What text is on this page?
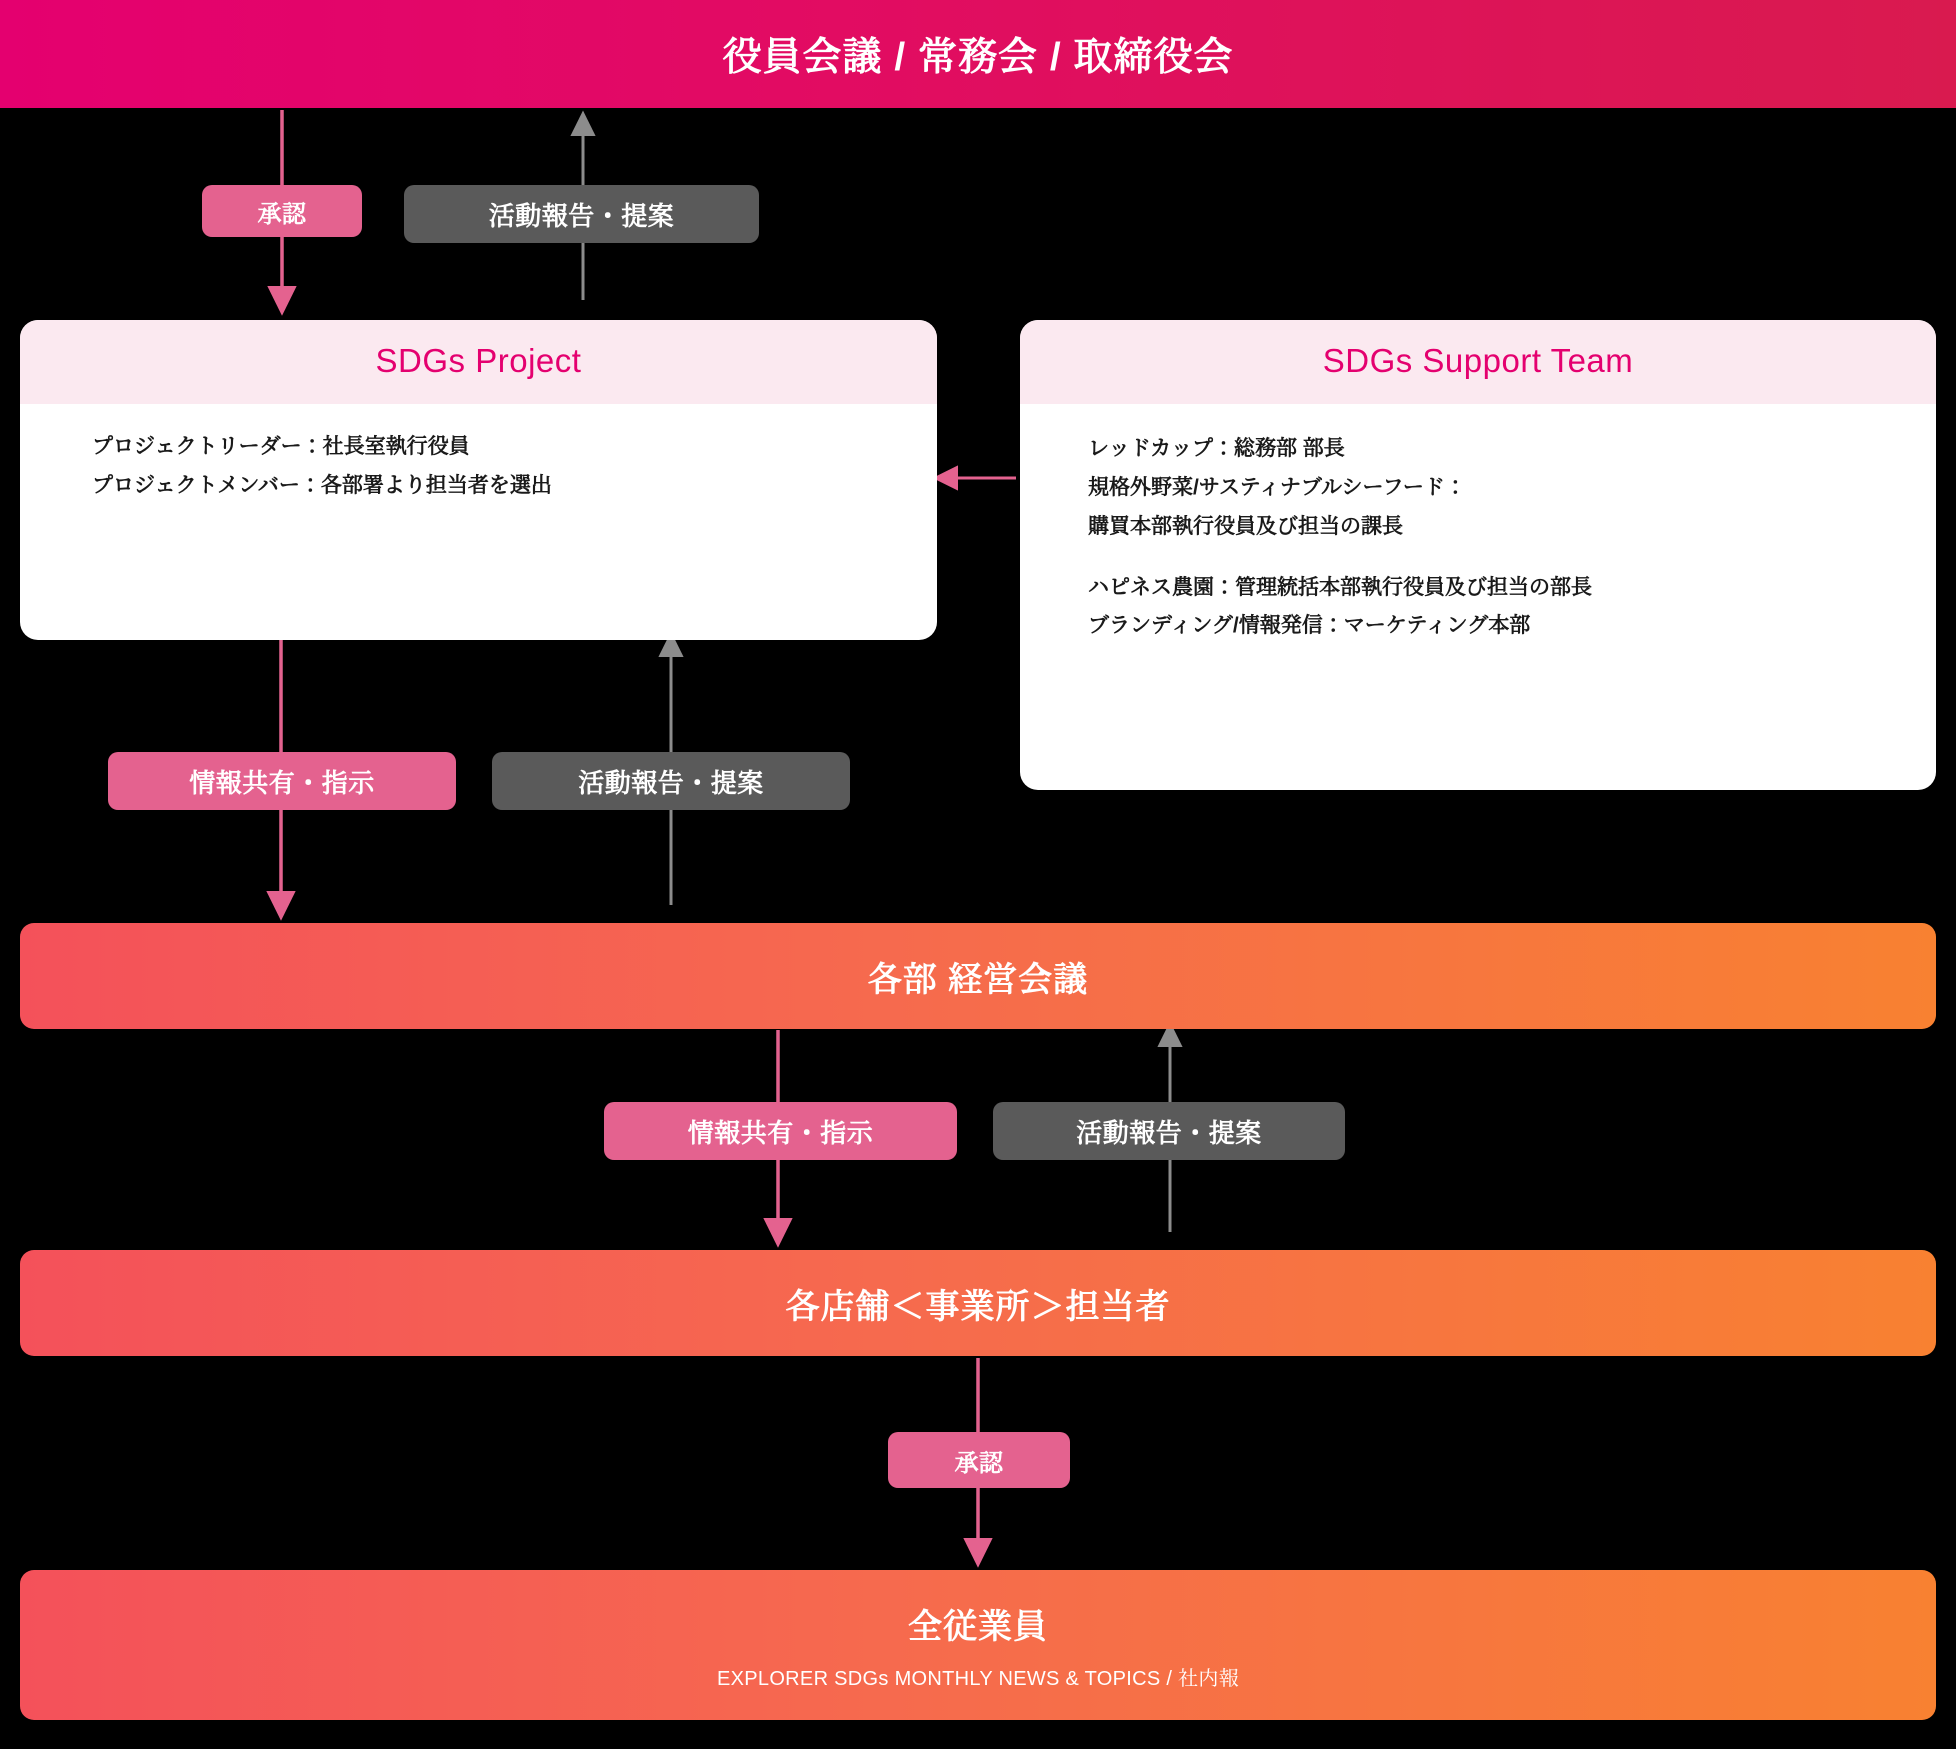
役員会議 / 常務会 / 取締役会
承認	活動報告・提案
SDGs Project
プロジェクトリーダー：社長室執行役員
プロジェクトメンバー：各部署より担当者を選出
SDGs Support Team
レッドカップ：総務部 部長
規格外野菜/サスティナブルシーフード：
購買本部執行役員及び担当の課長
ハピネス農園：管理統括本部執行役員及び担当の部長
ブランディング/情報発信：マーケティング本部
情報共有・指示	活動報告・提案
各部 経営会議
情報共有・指示	活動報告・提案
各店舗＜事業所＞担当者
承認
全従業員
EXPLORER SDGs MONTHLY NEWS & TOPICS / 社内報
